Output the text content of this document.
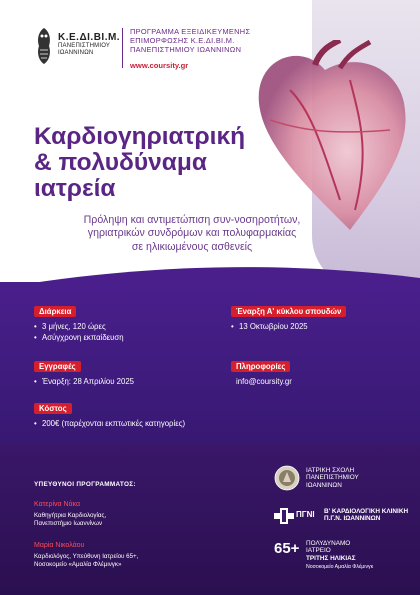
Κ.Ε.ΔΙ.ΒΙ.Μ.
ΠΑΝΕΠΙΣΤΗΜΙΟΥ
ΙΩΑΝΝΙΝΩΝ
ΠΡΟΓΡΑΜΜΑ ΕΞΕΙΔΙΚΕΥΜΕΝΗΣ
ΕΠΙΜΟΡΦΩΣΗΣ Κ.Ε.ΔΙ.ΒΙ.Μ.
ΠΑΝΕΠΙΣΤΗΜΙΟΥ ΙΩΑΝΝΙΝΩΝ
www.coursity.gr
Καρδιογηριατρική
& πολυδύναμα
ιατρεία
Πρόληψη και αντιμετώπιση συν-νοσηροτήτων,
γηριατρικών συνδρόμων και πολυφαρμακίας
σε ηλικιωμένους ασθενείς
Διάρκεια
• 3 μήνες, 120 ώρες
• Ασύγχρονη εκπαίδευση
Έναρξη Α' κύκλου σπουδών
• 13 Οκτωβρίου 2025
Εγγραφές
• Έναρξη: 28 Απριλίου 2025
Πληροφορίες
info@coursity.gr
Κόστος
• 200€ (παρέχονται εκπτωτικές κατηγορίες)
ΥΠΕΥΘΥΝΟΙ ΠΡΟΓΡΑΜΜΑΤΟΣ:
Κατερίνα Νάκα
Καθηγήτρια Καρδιολογίας,
Πανεπιστήμιο Ιωαννίνων
Μαρία Νικολάου
Καρδιολόγος, Υπεύθυνη Ιατρείου 65+,
Νοσοκομείο «Αμαλία Φλέμινγκ»
ΙΑΤΡΙΚΗ ΣΧΟΛΗ
ΠΑΝΕΠΙΣΤΗΜΙΟΥ
ΙΩΑΝΝΙΝΩΝ
ΠΓΝΙ Β' ΚΑΡΔΙΟΛΟΓΙΚΗ ΚΛΙΝΙΚΗ
Π.Γ.Ν. ΙΩΑΝΝΙΝΩΝ
65+ ΠΟΛΥΔΥΝΑΜΟ
ΙΑΤΡΕΙΟ
ΤΡΙΤΗΣ ΗΛΙΚΙΑΣ
Νοσοκομείο Αμαλία Φλέμινγκ
